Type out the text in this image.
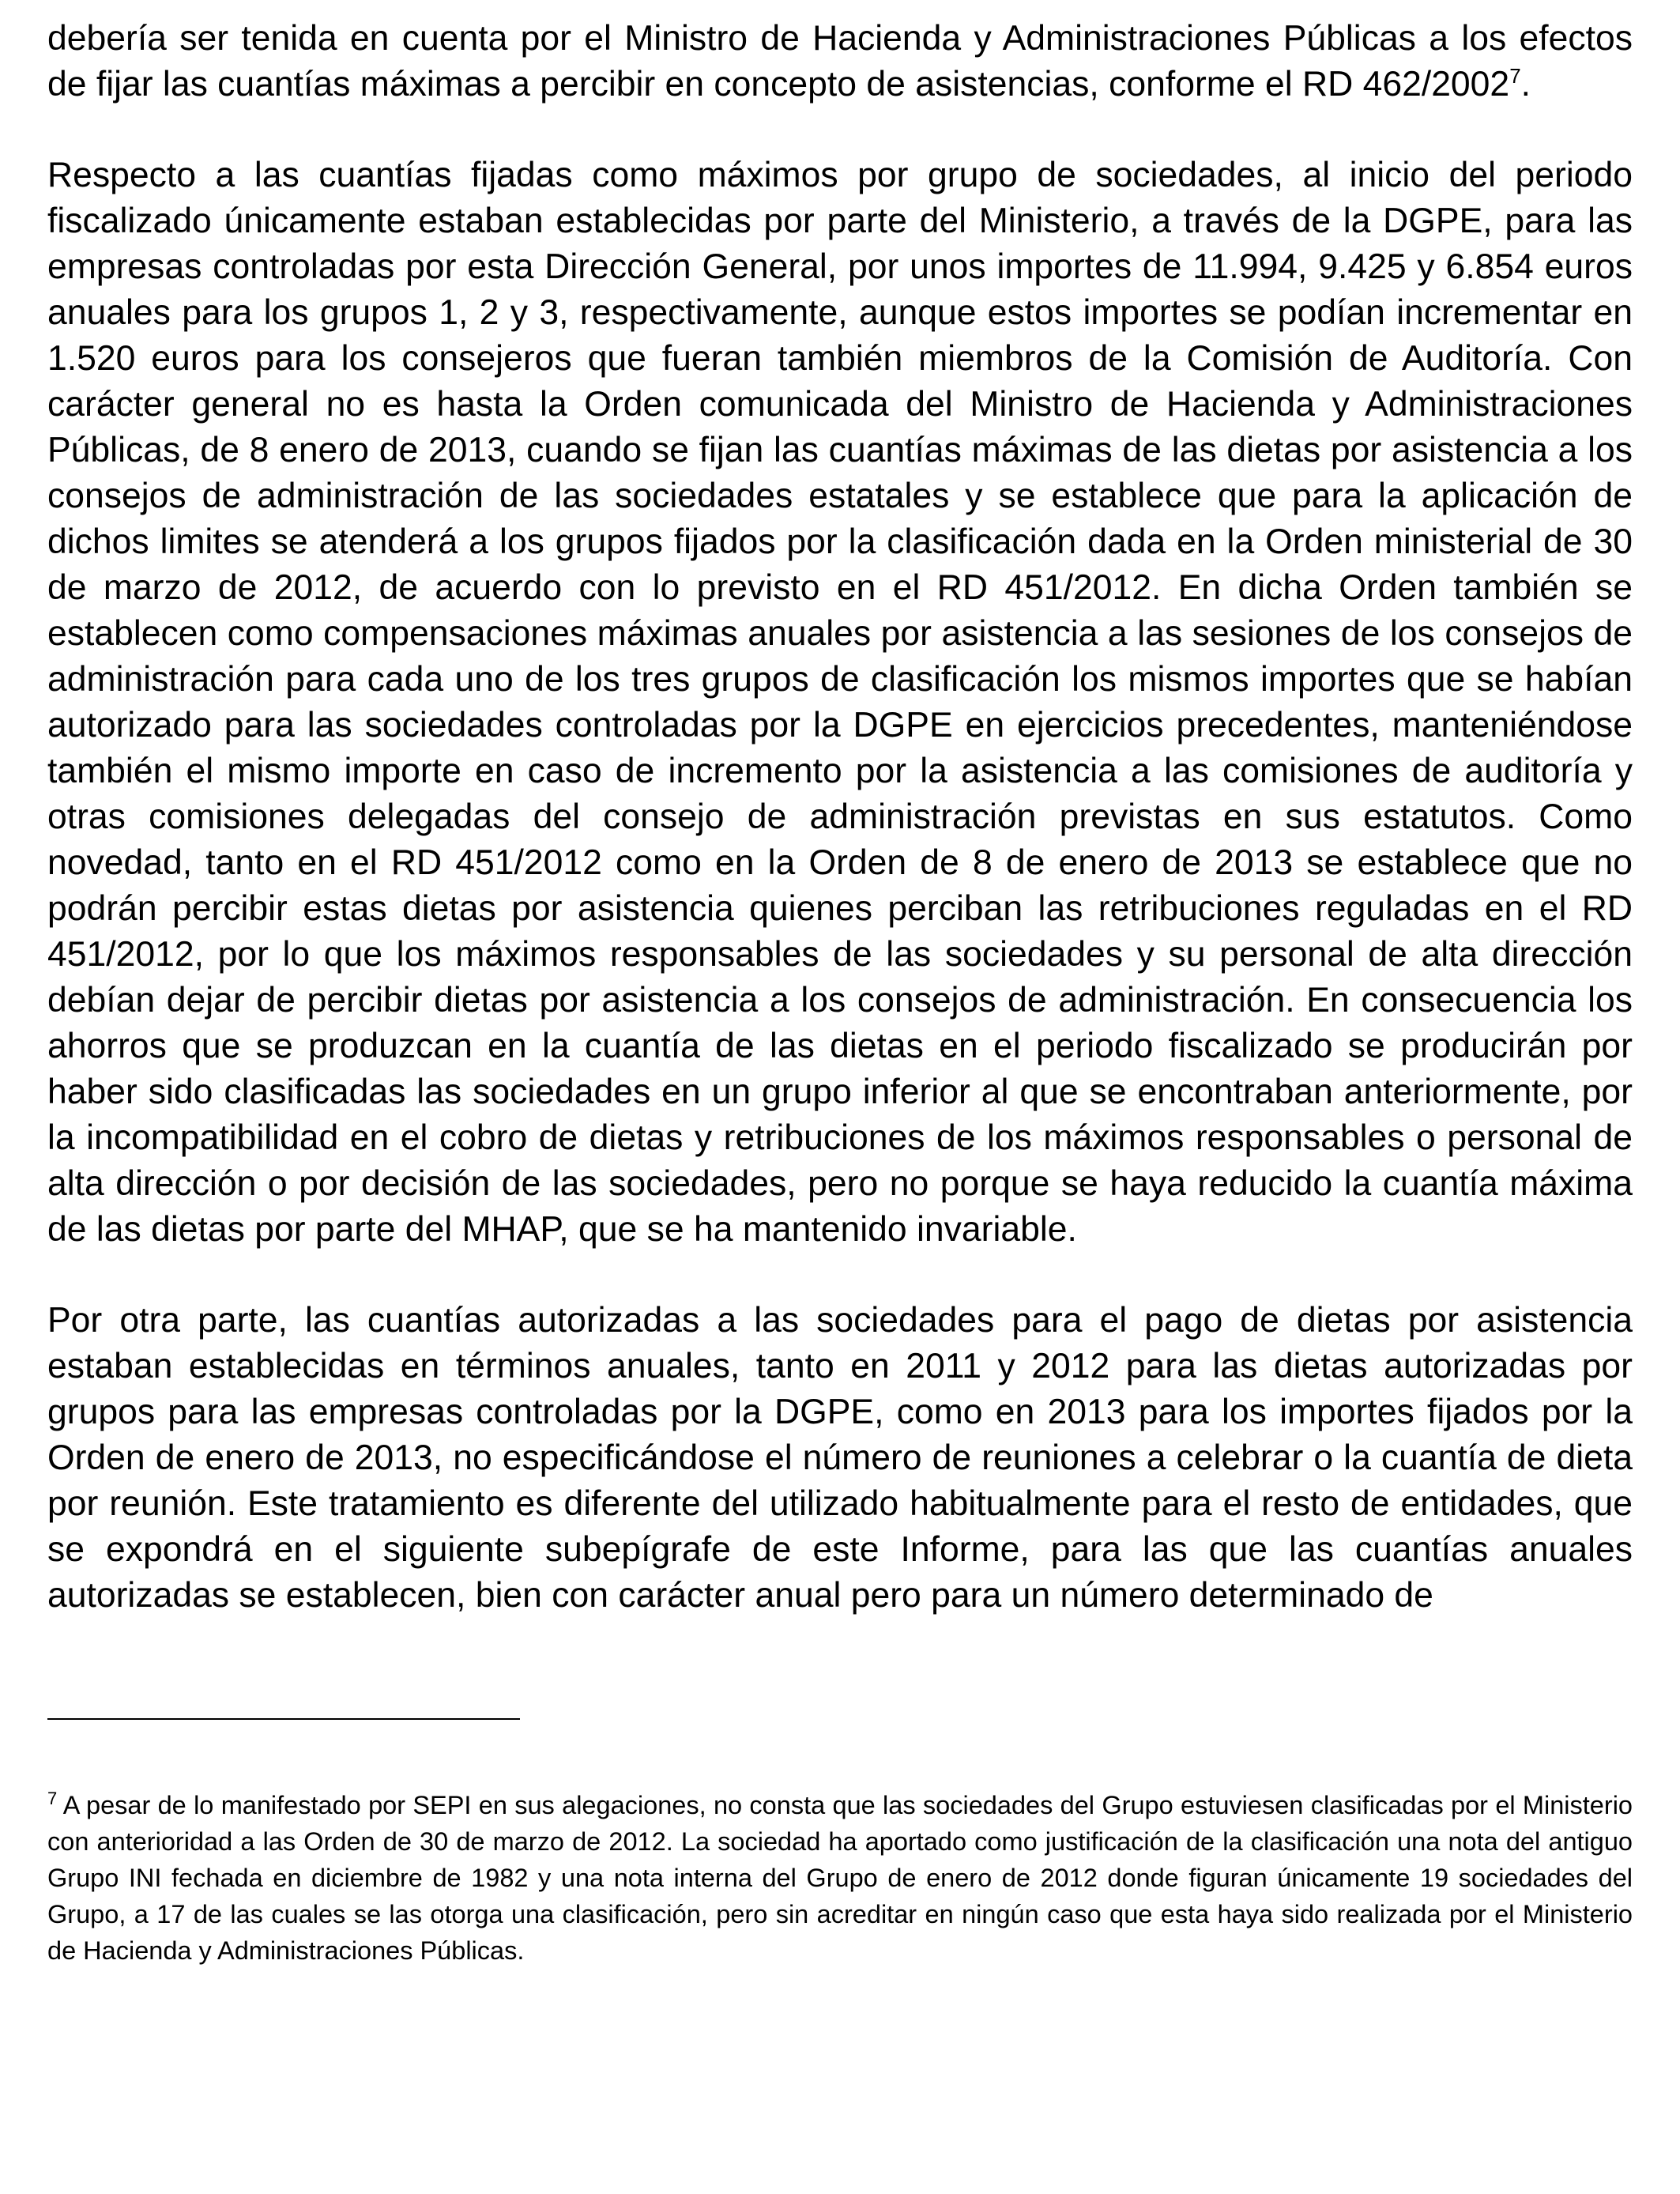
debería ser tenida en cuenta por el Ministro de Hacienda y Administraciones Públicas a los efectos de fijar las cuantías máximas a percibir en concepto de asistencias, conforme el RD 462/2002$^7$.

Respecto a las cuantías fijadas como máximos por grupo de sociedades, al inicio del periodo fiscalizado únicamente estaban establecidas por parte del Ministerio, a través de la DGPE, para las empresas controladas por esta Dirección General, por unos importes de 11.994, 9.425 y 6.854 euros anuales para los grupos 1, 2 y 3, respectivamente, aunque estos importes se podían incrementar en 1.520 euros para los consejeros que fueran también miembros de la Comisión de Auditoría. Con carácter general no es hasta la Orden comunicada del Ministro de Hacienda y Administraciones Públicas, de 8 enero de 2013, cuando se fijan las cuantías máximas de las dietas por asistencia a los consejos de administración de las sociedades estatales y se establece que para la aplicación de dichos limites se atenderá a los grupos fijados por la clasificación dada en la Orden ministerial de 30 de marzo de 2012, de acuerdo con lo previsto en el RD 451/2012. En dicha Orden también se establecen como compensaciones máximas anuales por asistencia a las sesiones de los consejos de administración para cada uno de los tres grupos de clasificación los mismos importes que se habían autorizado para las sociedades controladas por la DGPE en ejercicios precedentes, manteniéndose también el mismo importe en caso de incremento por la asistencia a las comisiones de auditoría y otras comisiones delegadas del consejo de administración previstas en sus estatutos. Como novedad, tanto en el RD 451/2012 como en la Orden de 8 de enero de 2013 se establece que no podrán percibir estas dietas por asistencia quienes perciban las retribuciones reguladas en el RD 451/2012, por lo que los máximos responsables de las sociedades y su personal de alta dirección debían dejar de percibir dietas por asistencia a los consejos de administración. En consecuencia los ahorros que se produzcan en la cuantía de las dietas en el periodo fiscalizado se producirán por haber sido clasificadas las sociedades en un grupo inferior al que se encontraban anteriormente, por la incompatibilidad en el cobro de dietas y retribuciones de los máximos responsables o personal de alta dirección o por decisión de las sociedades, pero no porque se haya reducido la cuantía máxima de las dietas por parte del MHAP, que se ha mantenido invariable.

Por otra parte, las cuantías autorizadas a las sociedades para el pago de dietas por asistencia estaban establecidas en términos anuales, tanto en 2011 y 2012 para las dietas autorizadas por grupos para las empresas controladas por la DGPE, como en 2013 para los importes fijados por la Orden de enero de 2013, no especificándose el número de reuniones a celebrar o la cuantía de dieta por reunión. Este tratamiento es diferente del utilizado habitualmente para el resto de entidades, que se expondrá en el siguiente subepígrafe de este Informe, para las que las cuantías anuales autorizadas se establecen, bien con carácter anual pero para un número determinado de

$^7$ A pesar de lo manifestado por SEPI en sus alegaciones, no consta que las sociedades del Grupo estuviesen clasificadas por el Ministerio con anterioridad a las Orden de 30 de marzo de 2012. La sociedad ha aportado como justificación de la clasificación una nota del antiguo Grupo INI fechada en diciembre de 1982 y una nota interna del Grupo de enero de 2012 donde figuran únicamente 19 sociedades del Grupo, a 17 de las cuales se las otorga una clasificación, pero sin acreditar en ningún caso que esta haya sido realizada por el Ministerio de Hacienda y Administraciones Públicas.
